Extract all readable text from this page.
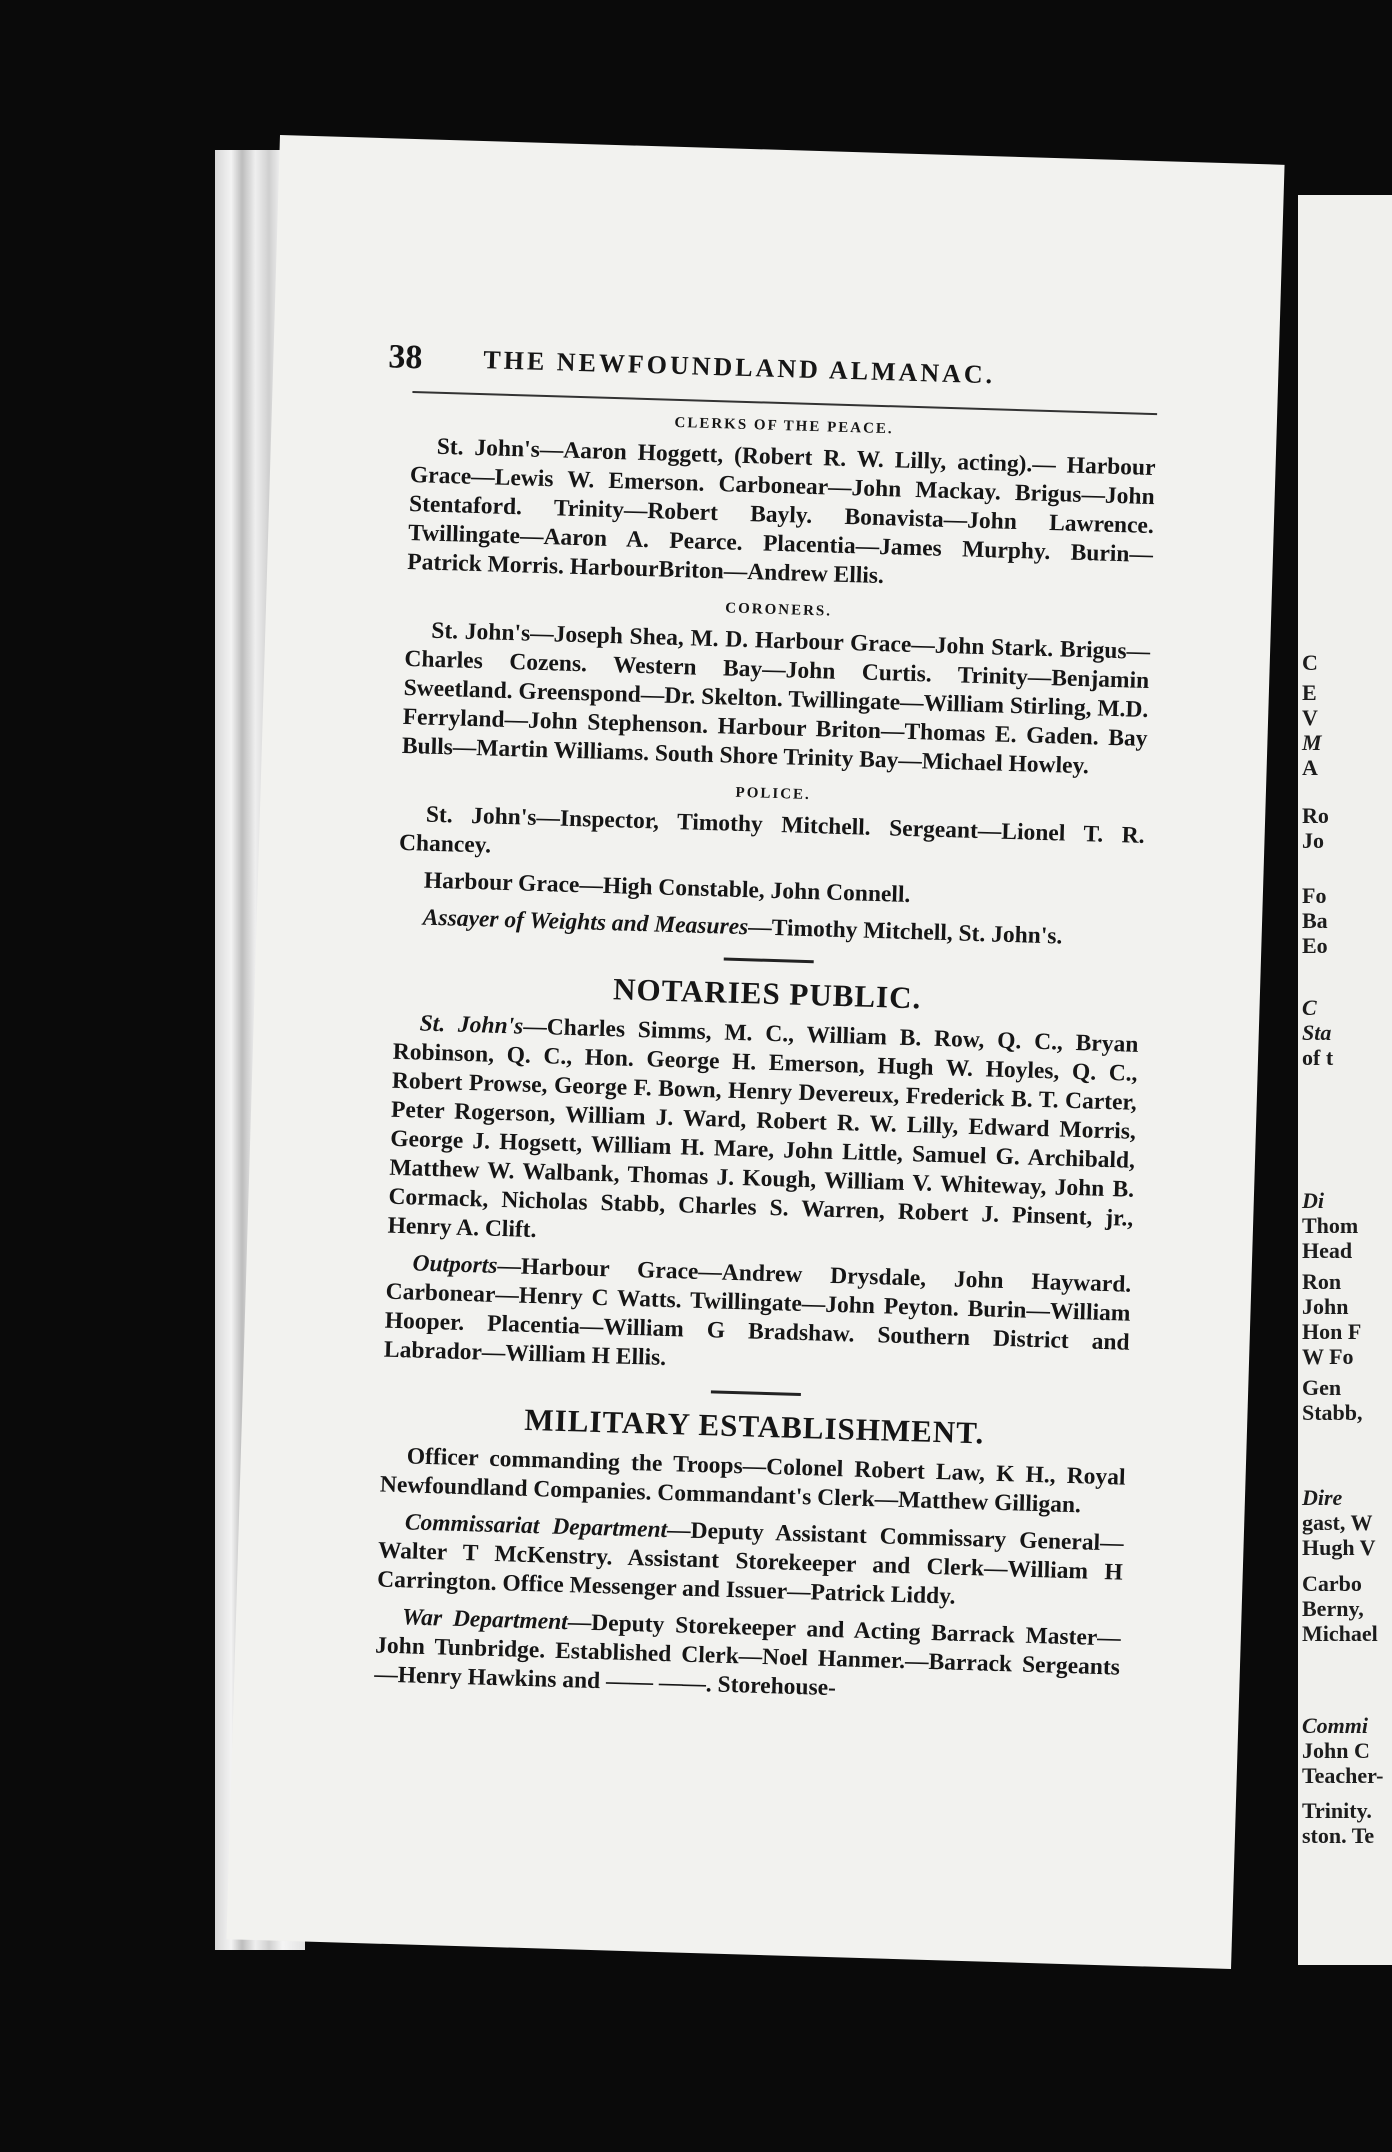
C
E
V
M
A
Ro
Jo
Fo
Ba
Eo
C
Sta
of t
Di
Thom
Head
Ron
John
Hon F
W Fo
Gen
Stabb,
Dire
gast, W
Hugh V
Carbo
Berny,
Michael
Commi
John C
Teacher-
Trinity.
ston. Te
38 THE NEWFOUNDLAND ALMANAC.
CLERKS OF THE PEACE.

St. John's—Aaron Hoggett, (Robert R. W. Lilly, acting).— Harbour Grace—Lewis W. Emerson. Carbonear—John Mackay. Brigus—John Stentaford. Trinity—Robert Bayly. Bonavista—John Lawrence. Twillingate—Aaron A. Pearce. Placentia—James Murphy. Burin—Patrick Morris. HarbourBriton—Andrew Ellis.

CORONERS.

St. John's—Joseph Shea, M. D. Harbour Grace—John Stark. Brigus—Charles Cozens. Western Bay—John Curtis. Trinity—Benjamin Sweetland. Greenspond—Dr. Skelton. Twillingate—William Stirling, M.D. Ferryland—John Stephenson. Harbour Briton—Thomas E. Gaden. Bay Bulls—Martin Williams. South Shore Trinity Bay—Michael Howley.

POLICE.

St. John's—Inspector, Timothy Mitchell. Sergeant—Lionel T. R. Chancey.

Harbour Grace—High Constable, John Connell.

Assayer of Weights and Measures—Timothy Mitchell, St. John's.

NOTARIES PUBLIC.

St. John's—Charles Simms, M. C., William B. Row, Q. C., Bryan Robinson, Q. C., Hon. George H. Emerson, Hugh W. Hoyles, Q. C., Robert Prowse, George F. Bown, Henry Devereux, Frederick B. T. Carter, Peter Rogerson, William J. Ward, Robert R. W. Lilly, Edward Morris, George J. Hogsett, William H. Mare, John Little, Samuel G. Archibald, Matthew W. Walbank, Thomas J. Kough, William V. Whiteway, John B. Cormack, Nicholas Stabb, Charles S. Warren, Robert J. Pinsent, jr., Henry A. Clift.

Outports—Harbour Grace—Andrew Drysdale, John Hayward. Carbonear—Henry C Watts. Twillingate—John Peyton. Burin—William Hooper. Placentia—William G Bradshaw. Southern District and Labrador—William H Ellis.

MILITARY ESTABLISHMENT.

Officer commanding the Troops—Colonel Robert Law, K H., Royal Newfoundland Companies. Commandant's Clerk—Matthew Gilligan.

Commissariat Department—Deputy Assistant Commissary General—Walter T McKenstry. Assistant Storekeeper and Clerk—William H Carrington. Office Messenger and Issuer—Patrick Liddy.

War Department—Deputy Storekeeper and Acting Barrack Master—John Tunbridge. Established Clerk—Noel Hanmer.—Barrack Sergeants—Henry Hawkins and —— ——. Storehouse-
